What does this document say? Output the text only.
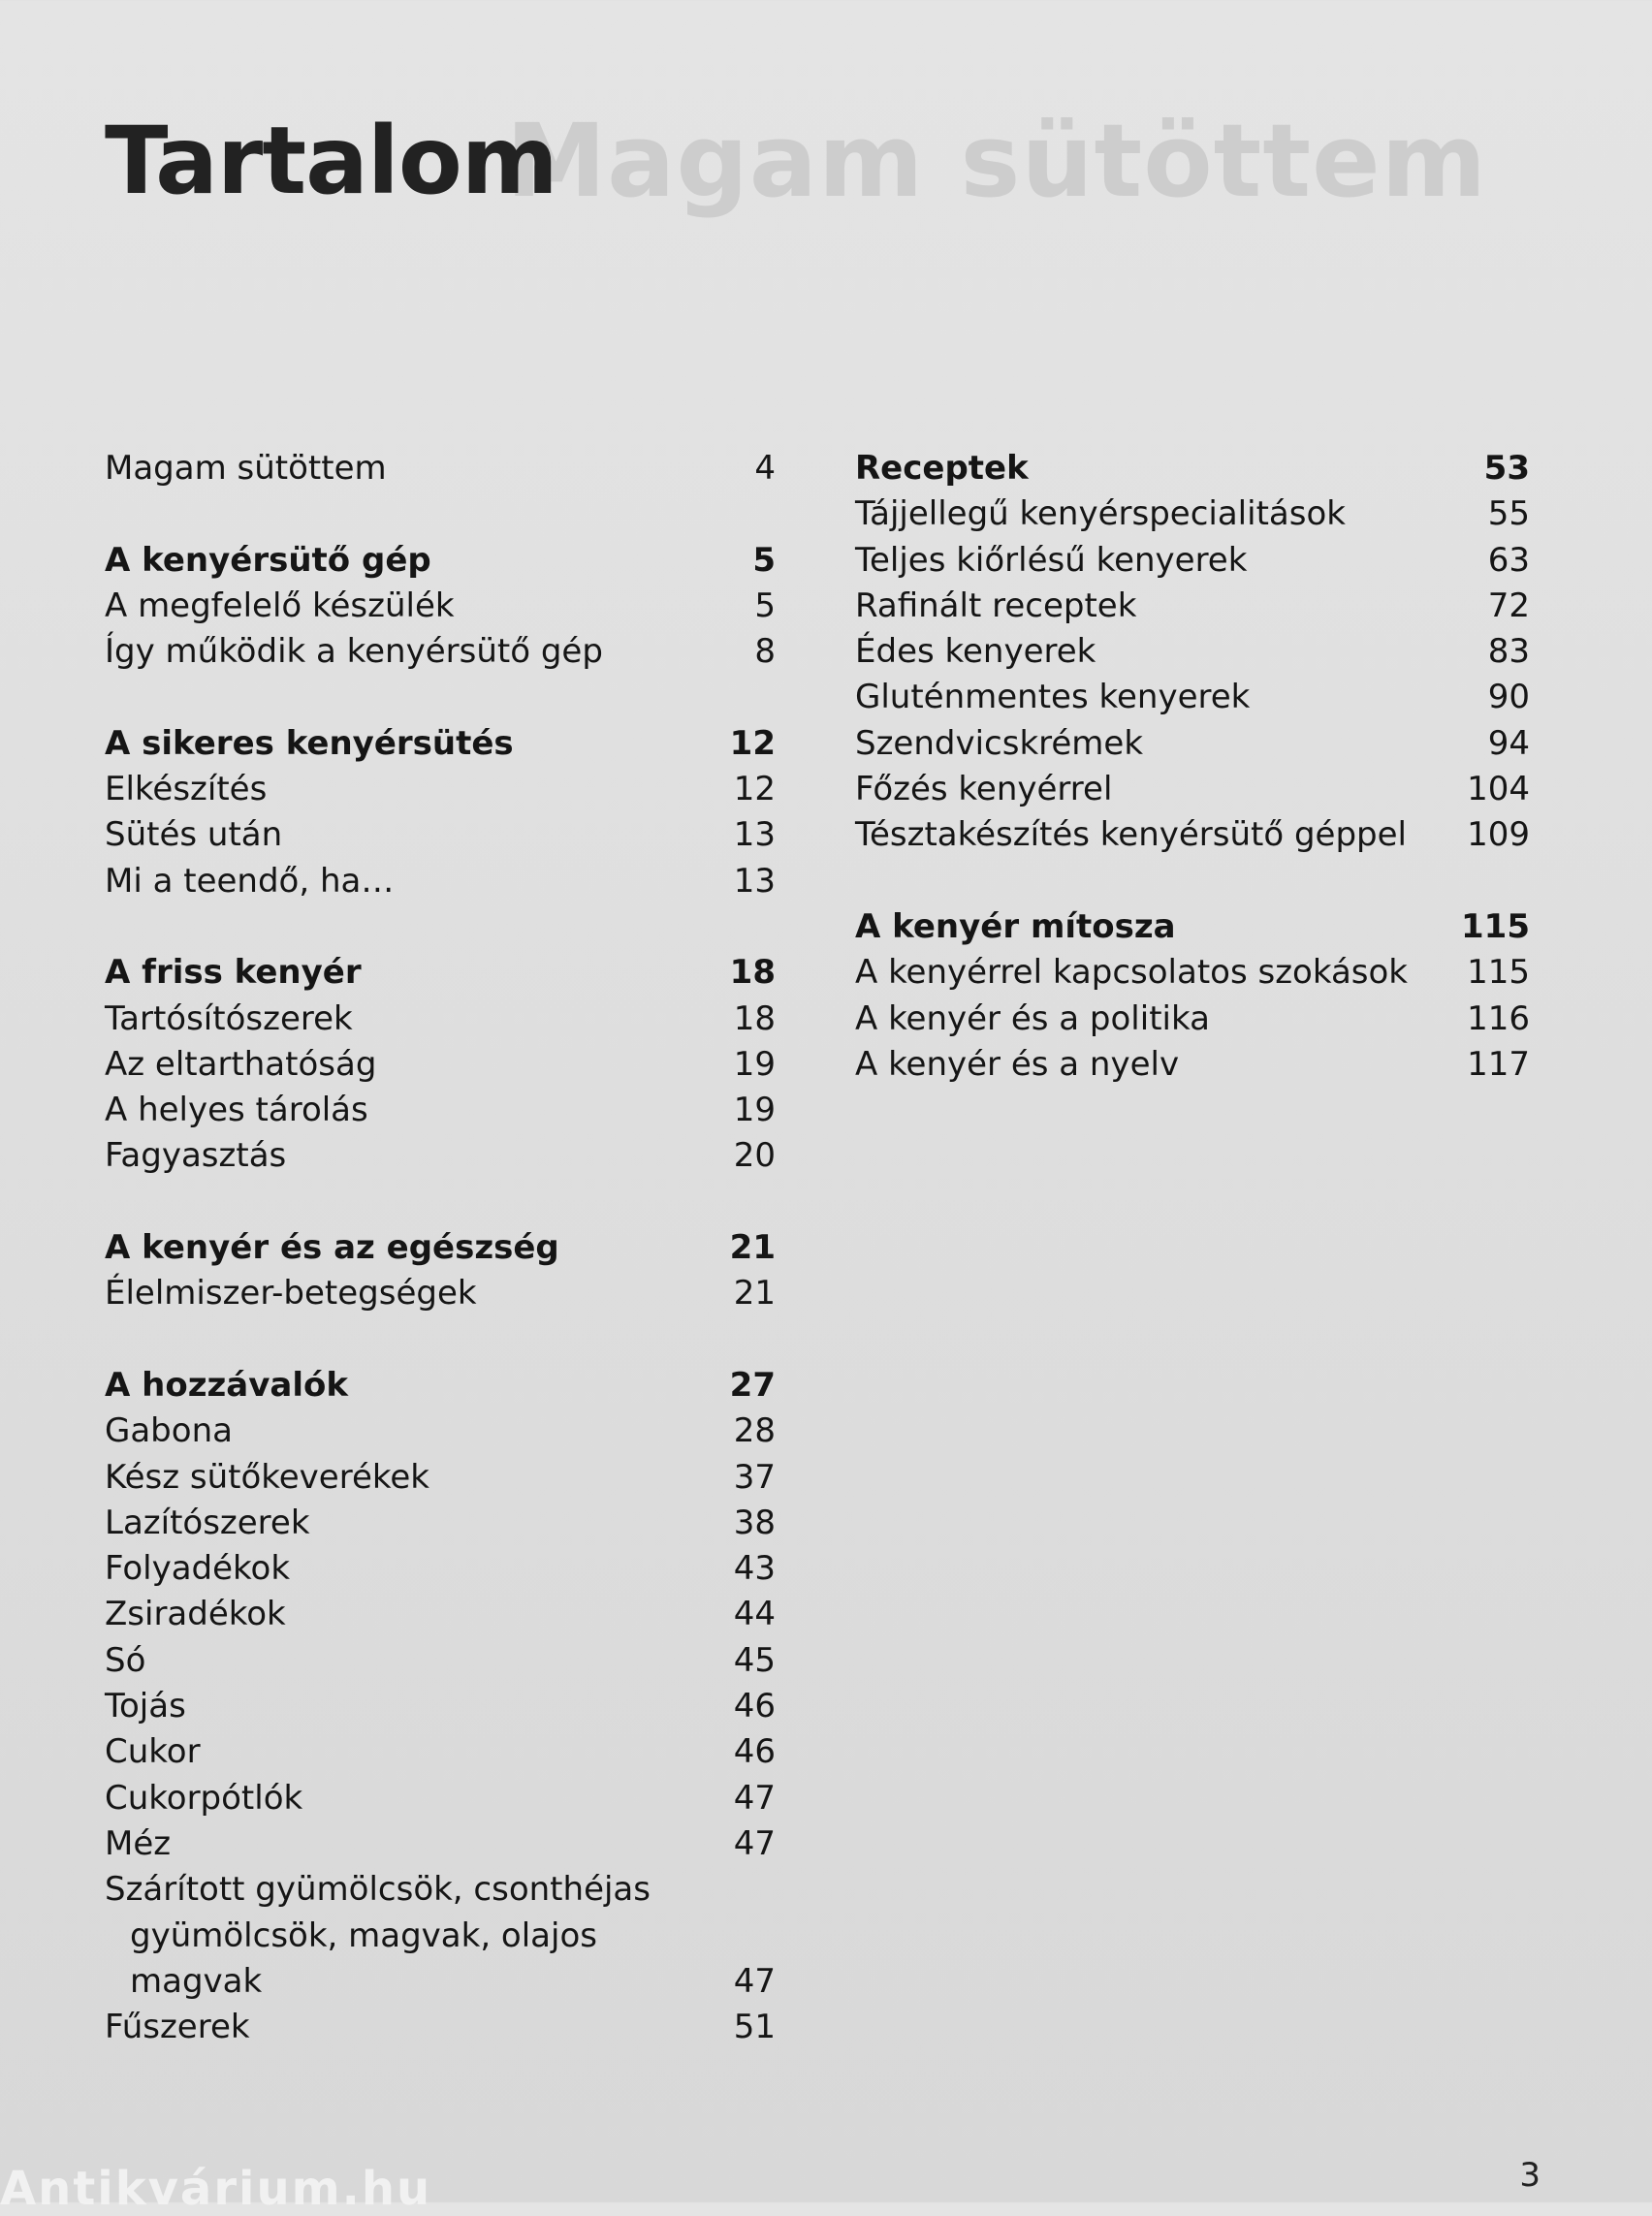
Magam sütöttem
Tartalom
Magam sütöttem	4
A kenyérsütő gép	5
A megfelelő készülék	5
Így működik a kenyérsütő gép	8
A sikeres kenyérsütés	12
Elkészítés	12
Sütés után	13
Mi a teendő, ha…	13
A friss kenyér	18
Tartósítószerek	18
Az eltarthatóság	19
A helyes tárolás	19
Fagyasztás	20
A kenyér és az egészség	21
Élelmiszer-betegségek	21
A hozzávalók	27
Gabona	28
Kész sütőkeverékek	37
Lazítószerek	38
Folyadékok	43
Zsiradékok	44
Só	45
Tojás	46
Cukor	46
Cukorpótlók	47
Méz	47
Szárított gyümölcsök, csonthéjas
gyümölcsök, magvak, olajos magvak	47
Fűszerek	51
Receptek	53
Tájjellegű kenyérspecialitások	55
Teljes kiőrlésű kenyerek	63
Rafinált receptek	72
Édes kenyerek	83
Gluténmentes kenyerek	90
Szendvicskrémek	94
Főzés kenyérrel	104
Tésztakészítés kenyérsütő géppel	109
A kenyér mítosza	115
A kenyérrel kapcsolatos szokások	115
A kenyér és a politika	116
A kenyér és a nyelv	117
Antikvárium.hu	3
